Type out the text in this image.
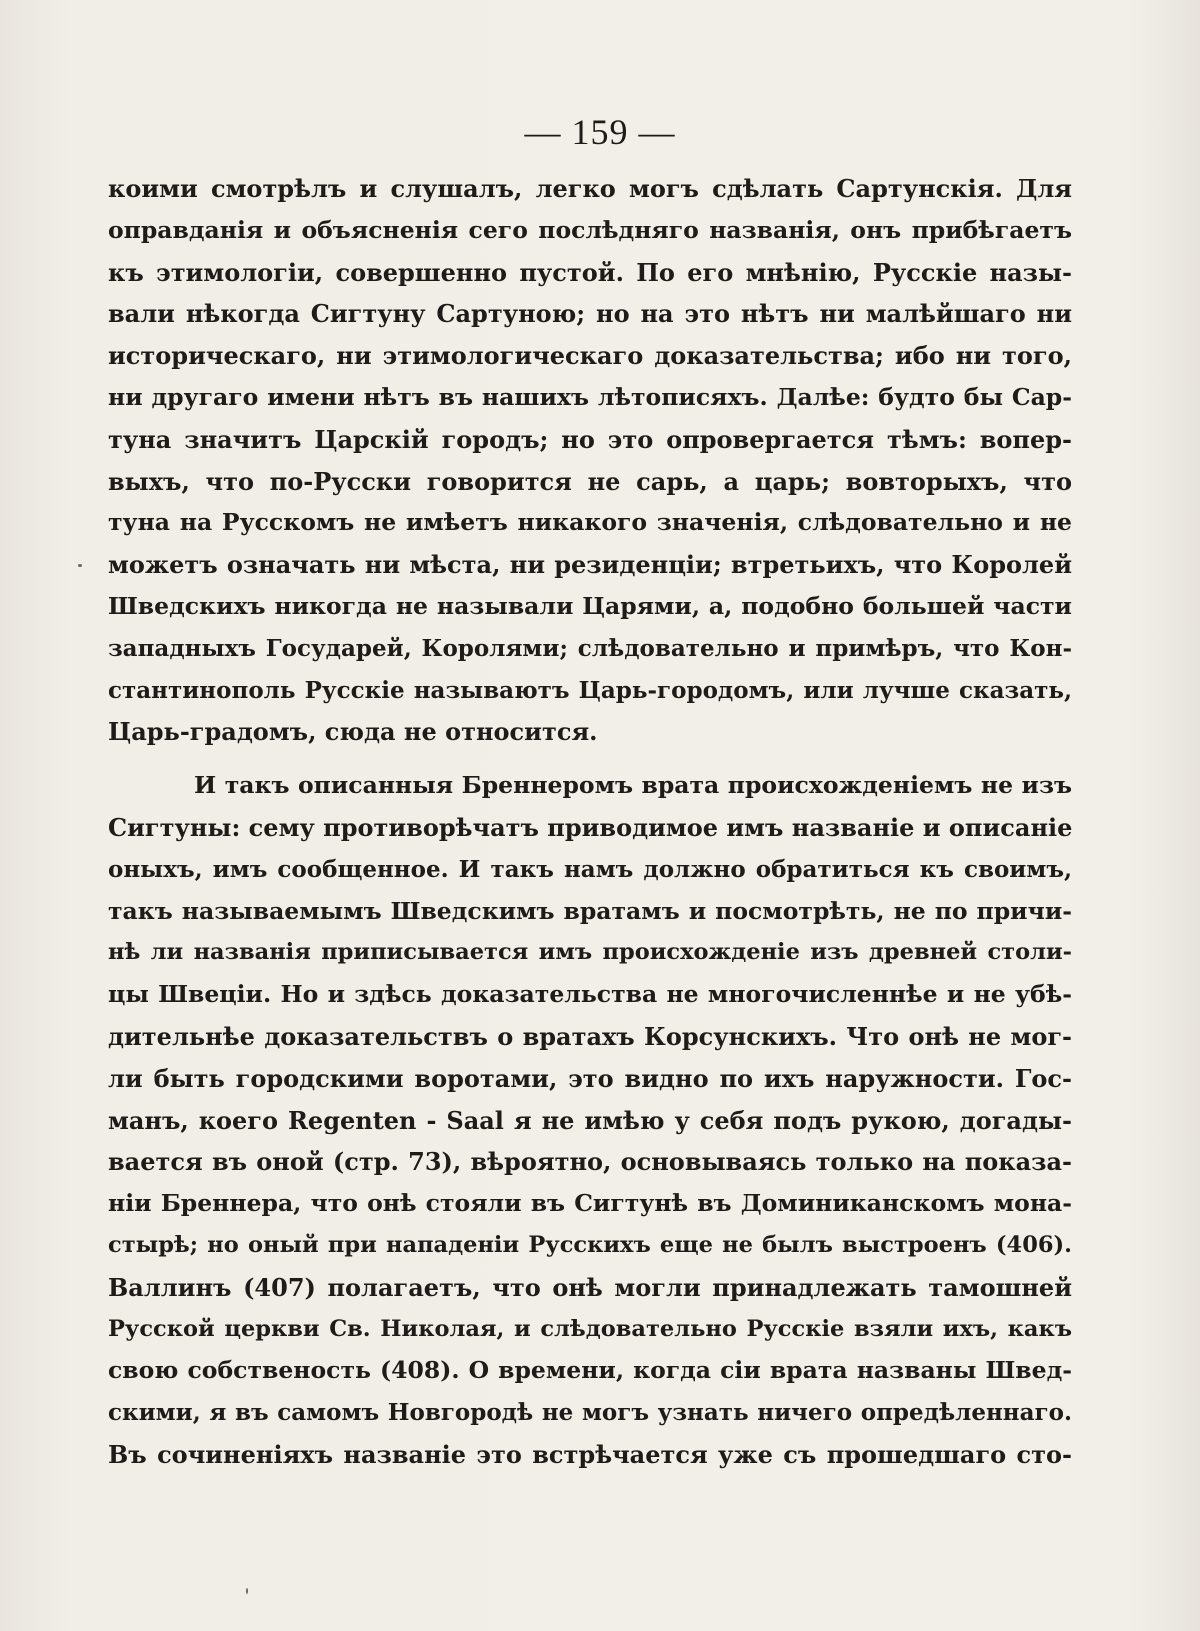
— 159 —
коими смотрѣлъ и слушалъ, легко могъ сдѣлать Сартунскія. Для
оправданія и объясненія сего послѣдняго названія, онъ прибѣгаетъ
къ этимологіи, совершенно пустой. По его мнѣнію, Русскіе назы-
вали нѣкогда Сигтуну Сартуною; но на это нѣтъ ни малѣйшаго ни
историческаго, ни этимологическаго доказательства; ибо ни того,
ни другаго имени нѣтъ въ нашихъ лѣтописяхъ. Далѣе: будто бы Сар-
туна значитъ Царскій городъ; но это опровергается тѣмъ: вопер-
выхъ, что по-Русски говорится не сарь, а царь; вовторыхъ, что
туна на Русскомъ не имѣетъ никакого значенія, слѣдовательно и не
можетъ означать ни мѣста, ни резиденціи; втретьихъ, что Королей
Шведскихъ никогда не называли Царями, а, подобно большей части
западныхъ Государей, Королями; слѣдовательно и примѣръ, что Кон-
стантинополь Русскіе называютъ Царь-городомъ, или лучше сказать,
Царь-градомъ, сюда не относится.
И такъ описанныя Бреннеромъ врата происхожденіемъ не изъ
Сигтуны: сему противорѣчатъ приводимое имъ названіе и описаніе
оныхъ, имъ сообщенное. И такъ намъ должно обратиться къ своимъ,
такъ называемымъ Шведскимъ вратамъ и посмотрѣть, не по причи-
нѣ ли названія приписывается имъ происхожденіе изъ древней столи-
цы Швеціи. Но и здѣсь доказательства не многочисленнѣе и не убѣ-
дительнѣе доказательствъ о вратахъ Корсунскихъ. Что онѣ не мог-
ли быть городскими воротами, это видно по ихъ наружности. Гос-
манъ, коего Regenten - Saal я не имѣю у себя подъ рукою, догады-
вается въ оной (стр. 73), вѣроятно, основываясь только на показа-
ніи Бреннера, что онѣ стояли въ Сигтунѣ въ Доминиканскомъ мона-
стырѣ; но оный при нападеніи Русскихъ еще не былъ выстроенъ (406).
Валлинъ (407) полагаетъ, что онѣ могли принадлежать тамошней
Русской церкви Св. Николая, и слѣдовательно Русскіе взяли ихъ, какъ
свою собственость (408). О времени, когда сіи врата названы Швед-
скими, я въ самомъ Новгородѣ не могъ узнать ничего опредѣленнаго.
Въ сочиненіяхъ названіе это встрѣчается уже съ прошедшаго сто-
